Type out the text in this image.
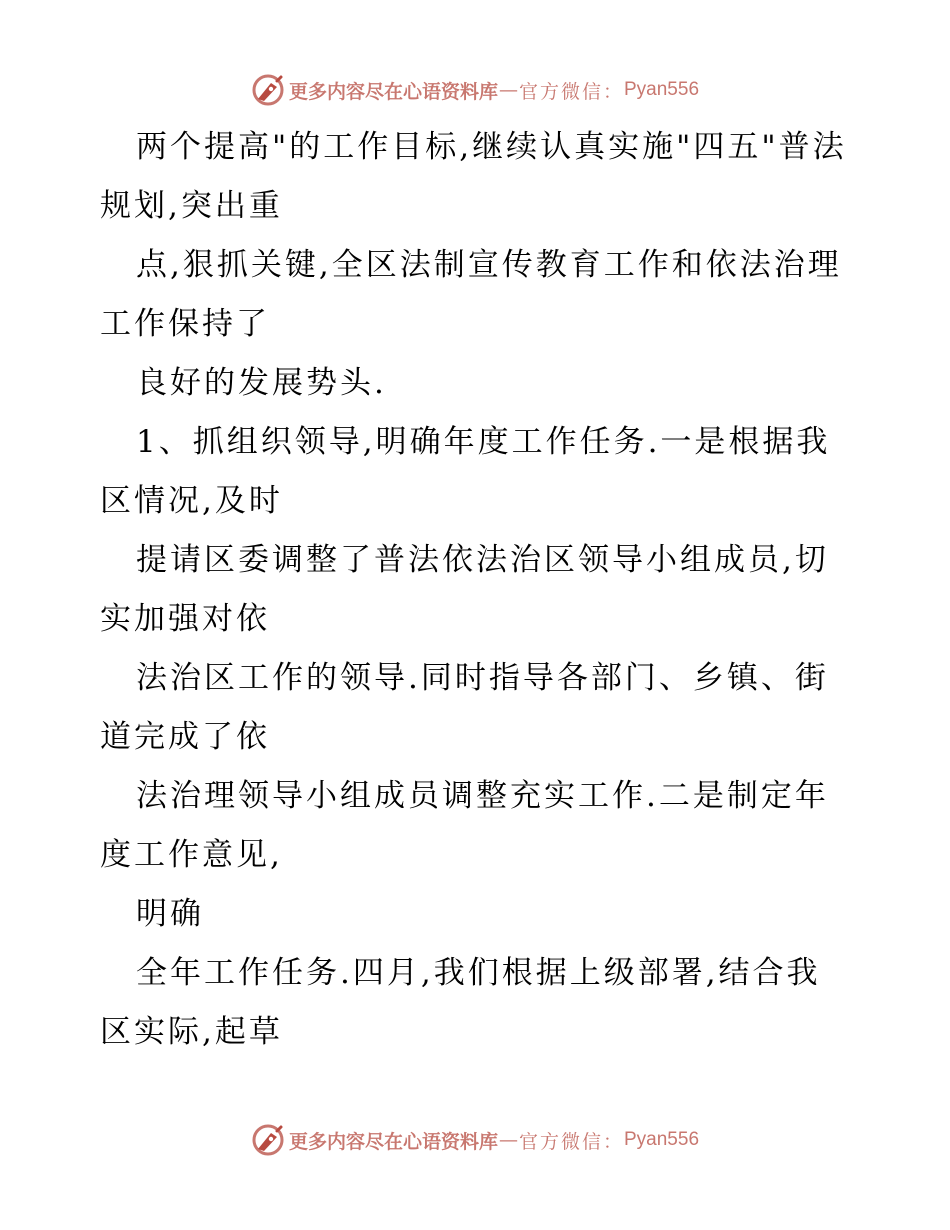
更多内容尽在心语资料库 — 官方微信： Pyan556
两个提高"的工作目标,继续认真实施"四五"普法
规划,突出重
点,狠抓关键,全区法制宣传教育工作和依法治理
工作保持了
良好的发展势头.
1、抓组织领导,明确年度工作任务.一是根据我
区情况,及时
提请区委调整了普法依法治区领导小组成员,切
实加强对依
法治区工作的领导.同时指导各部门、乡镇、街
道完成了依
法治理领导小组成员调整充实工作.二是制定年
度工作意见,
明确
全年工作任务.四月,我们根据上级部署,结合我
区实际,起草
更多内容尽在心语资料库 — 官方微信： Pyan556
